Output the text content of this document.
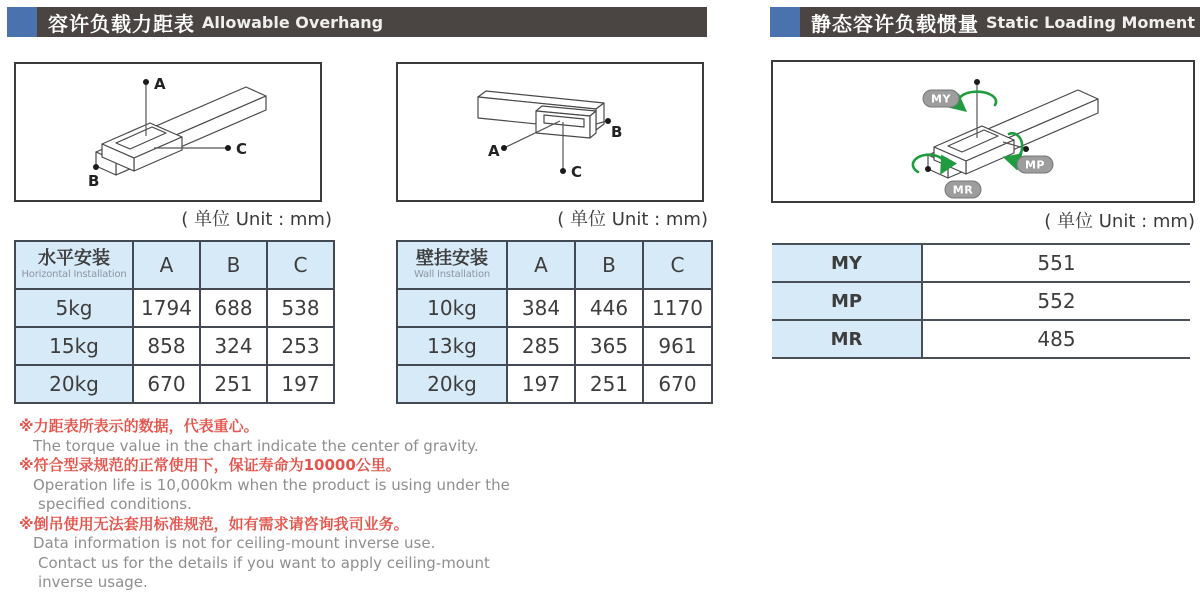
容许负载力距表 Allowable Overhang	静态容许负载惯量 Static Loading Moment
A
C
B
( 单位 Unit : mm)
A
B
C
( 单位 Unit : mm)
MY
MP
MR
( 单位 Unit : mm)
水平安装
Horizontal Installation	A	B	C
5kg	1794	688	538
15kg	858	324	253
20kg	670	251	197
壁挂安装
Wall Installation	A	B	C
10kg	384	446	1170
13kg	285	365	961
20kg	197	251	670
MY	551
MP	552
MR	485
※力距表所表示的数据，代表重心。
The torque value in the chart indicate the center of gravity.
※符合型录规范的正常使用下，保证寿命为10000公里。
Operation life is 10,000km when the product is using under the
specified conditions.
※倒吊使用无法套用标准规范，如有需求请咨询我司业务。
Data information is not for ceiling-mount inverse use.
Contact us for the details if you want to apply ceiling-mount
inverse usage.
